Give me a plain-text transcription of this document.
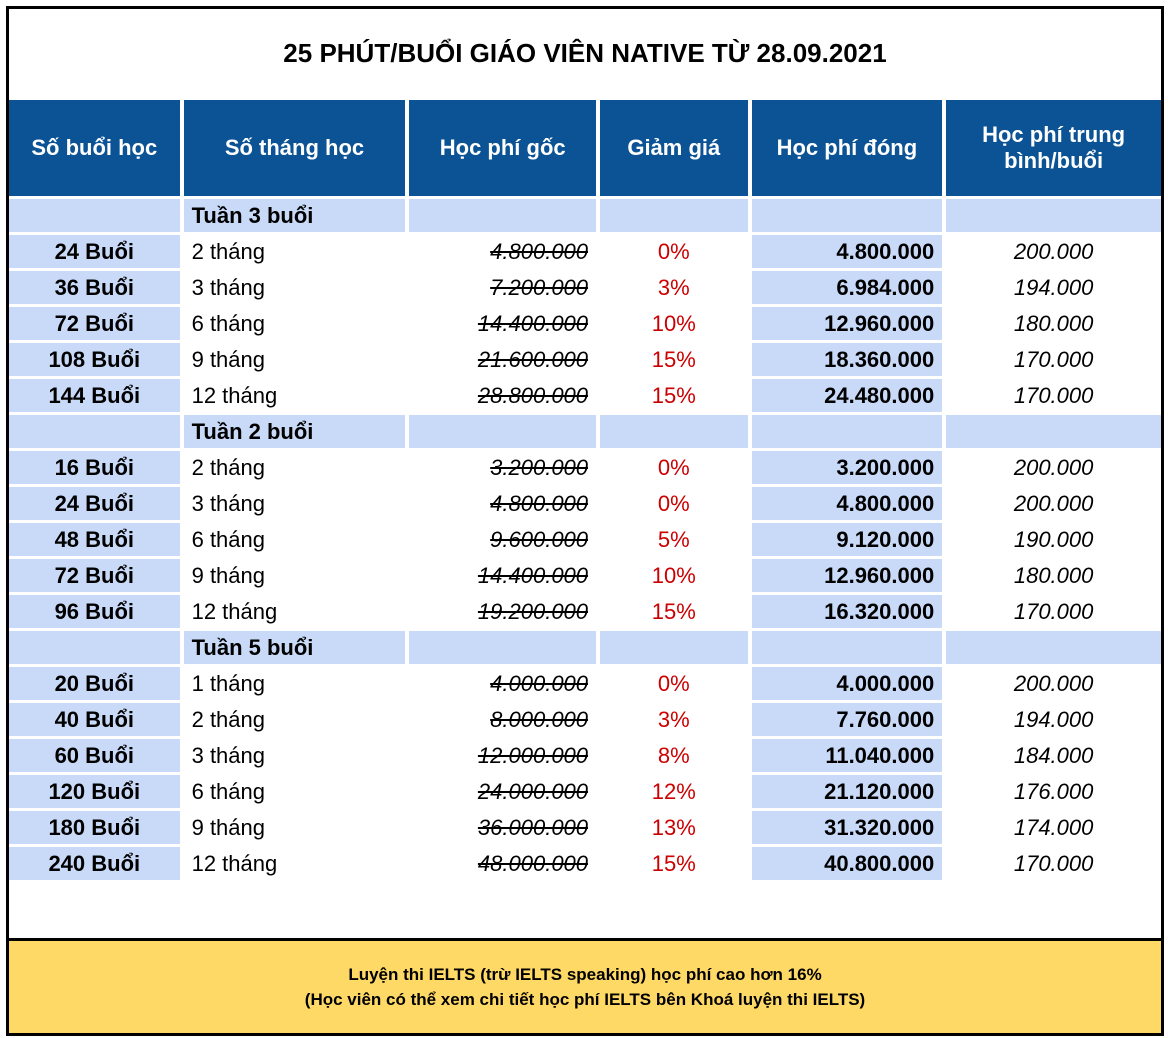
25 PHÚT/BUỔI GIÁO VIÊN NATIVE TỪ 28.09.2021
Số buổi học	Số tháng học	Học phí gốc	Giảm giá	Học phí đóng	Học phí trung bình/buổi
	Tuần 3 buổi				
24 Buổi	2 tháng	4.800.000	0%	4.800.000	200.000
36 Buổi	3 tháng	7.200.000	3%	6.984.000	194.000
72 Buổi	6 tháng	14.400.000	10%	12.960.000	180.000
108 Buổi	9 tháng	21.600.000	15%	18.360.000	170.000
144 Buổi	12 tháng	28.800.000	15%	24.480.000	170.000
	Tuần 2 buổi				
16 Buổi	2 tháng	3.200.000	0%	3.200.000	200.000
24 Buổi	3 tháng	4.800.000	0%	4.800.000	200.000
48 Buổi	6 tháng	9.600.000	5%	9.120.000	190.000
72 Buổi	9 tháng	14.400.000	10%	12.960.000	180.000
96 Buổi	12 tháng	19.200.000	15%	16.320.000	170.000
	Tuần 5 buổi				
20 Buổi	1 tháng	4.000.000	0%	4.000.000	200.000
40 Buổi	2 tháng	8.000.000	3%	7.760.000	194.000
60 Buổi	3 tháng	12.000.000	8%	11.040.000	184.000
120 Buổi	6 tháng	24.000.000	12%	21.120.000	176.000
180 Buổi	9 tháng	36.000.000	13%	31.320.000	174.000
240 Buổi	12 tháng	48.000.000	15%	40.800.000	170.000
Luyện thi IELTS (trừ IELTS speaking) học phí cao hơn 16%
(Học viên có thể xem chi tiết học phí IELTS bên Khoá luyện thi IELTS)
